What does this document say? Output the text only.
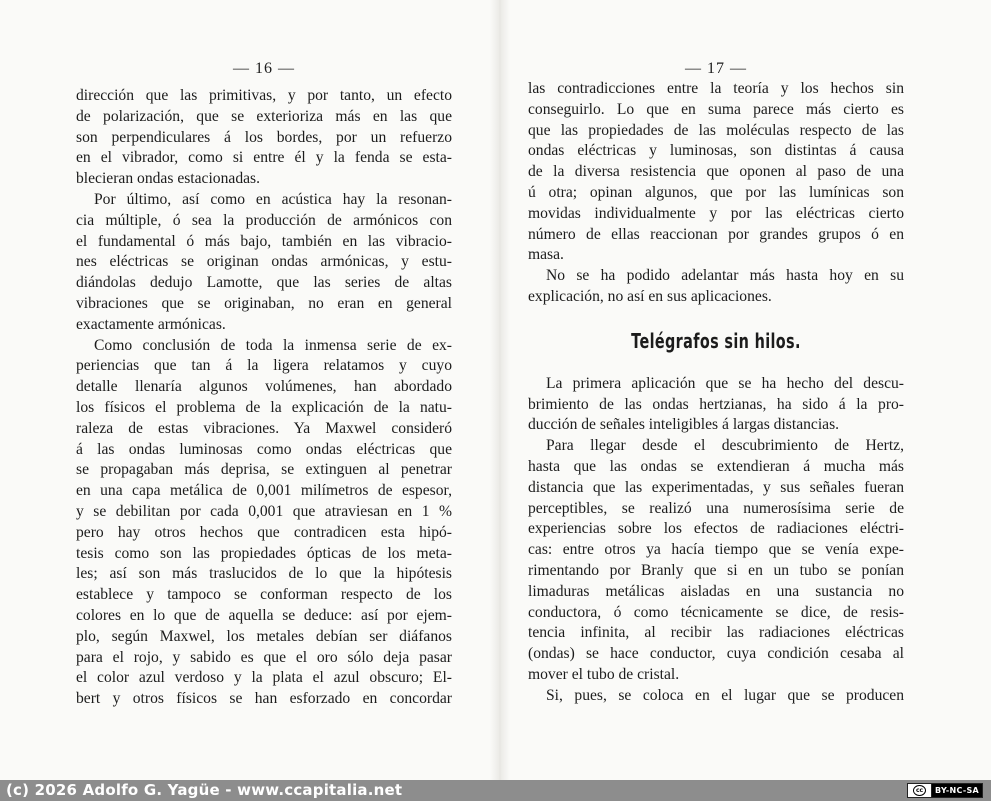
— 16 —
dirección que las primitivas, y por tanto, un efecto
de polarización, que se exterioriza más en las que
son perpendiculares á los bordes, por un refuerzo
en el vibrador, como si entre él y la fenda se esta-
blecieran ondas estacionadas.
Por último, así como en acústica hay la resonan-
cia múltiple, ó sea la producción de armónicos con
el fundamental ó más bajo, también en las vibracio-
nes eléctricas se originan ondas armónicas, y estu-
diándolas dedujo Lamotte, que las series de altas
vibraciones que se originaban, no eran en general
exactamente armónicas.
Como conclusión de toda la inmensa serie de ex-
periencias que tan á la ligera relatamos y cuyo
detalle llenaría algunos volúmenes, han abordado
los físicos el problema de la explicación de la natu-
raleza de estas vibraciones. Ya Maxwel consideró
á las ondas luminosas como ondas eléctricas que
se propagaban más deprisa, se extinguen al penetrar
en una capa metálica de 0,001 milímetros de espesor,
y se debilitan por cada 0,001 que atraviesan en 1 %
pero hay otros hechos que contradicen esta hipó-
tesis como son las propiedades ópticas de los meta-
les; así son más traslucidos de lo que la hipótesis
establece y tampoco se conforman respecto de los
colores en lo que de aquella se deduce: así por ejem-
plo, según Maxwel, los metales debían ser diáfanos
para el rojo, y sabido es que el oro sólo deja pasar
el color azul verdoso y la plata el azul obscuro; El-
bert y otros físicos se han esforzado en concordar
— 17 —
las contradicciones entre la teoría y los hechos sin
conseguirlo. Lo que en suma parece más cierto es
que las propiedades de las moléculas respecto de las
ondas eléctricas y luminosas, son distintas á causa
de la diversa resistencia que oponen al paso de una
ú otra; opinan algunos, que por las lumínicas son
movidas individualmente y por las eléctricas cierto
número de ellas reaccionan por grandes grupos ó en
masa.
No se ha podido adelantar más hasta hoy en su
explicación, no así en sus aplicaciones.
Telégrafos sin hilos.
La primera aplicación que se ha hecho del descu-
brimiento de las ondas hertzianas, ha sido á la pro-
ducción de señales inteligibles á largas distancias.
Para llegar desde el descubrimiento de Hertz,
hasta que las ondas se extendieran á mucha más
distancia que las experimentadas, y sus señales fueran
perceptibles, se realizó una numerosísima serie de
experiencias sobre los efectos de radiaciones eléctri-
cas: entre otros ya hacía tiempo que se venía expe-
rimentando por Branly que si en un tubo se ponían
limaduras metálicas aisladas en una sustancia no
conductora, ó como técnicamente se dice, de resis-
tencia infinita, al recibir las radiaciones eléctricas
(ondas) se hace conductor, cuya condición cesaba al
mover el tubo de cristal.
Si, pues, se coloca en el lugar que se producen
(c) 2026 Adolfo G. Yagüe - www.ccapitalia.net	cc	BY-NC-SA
